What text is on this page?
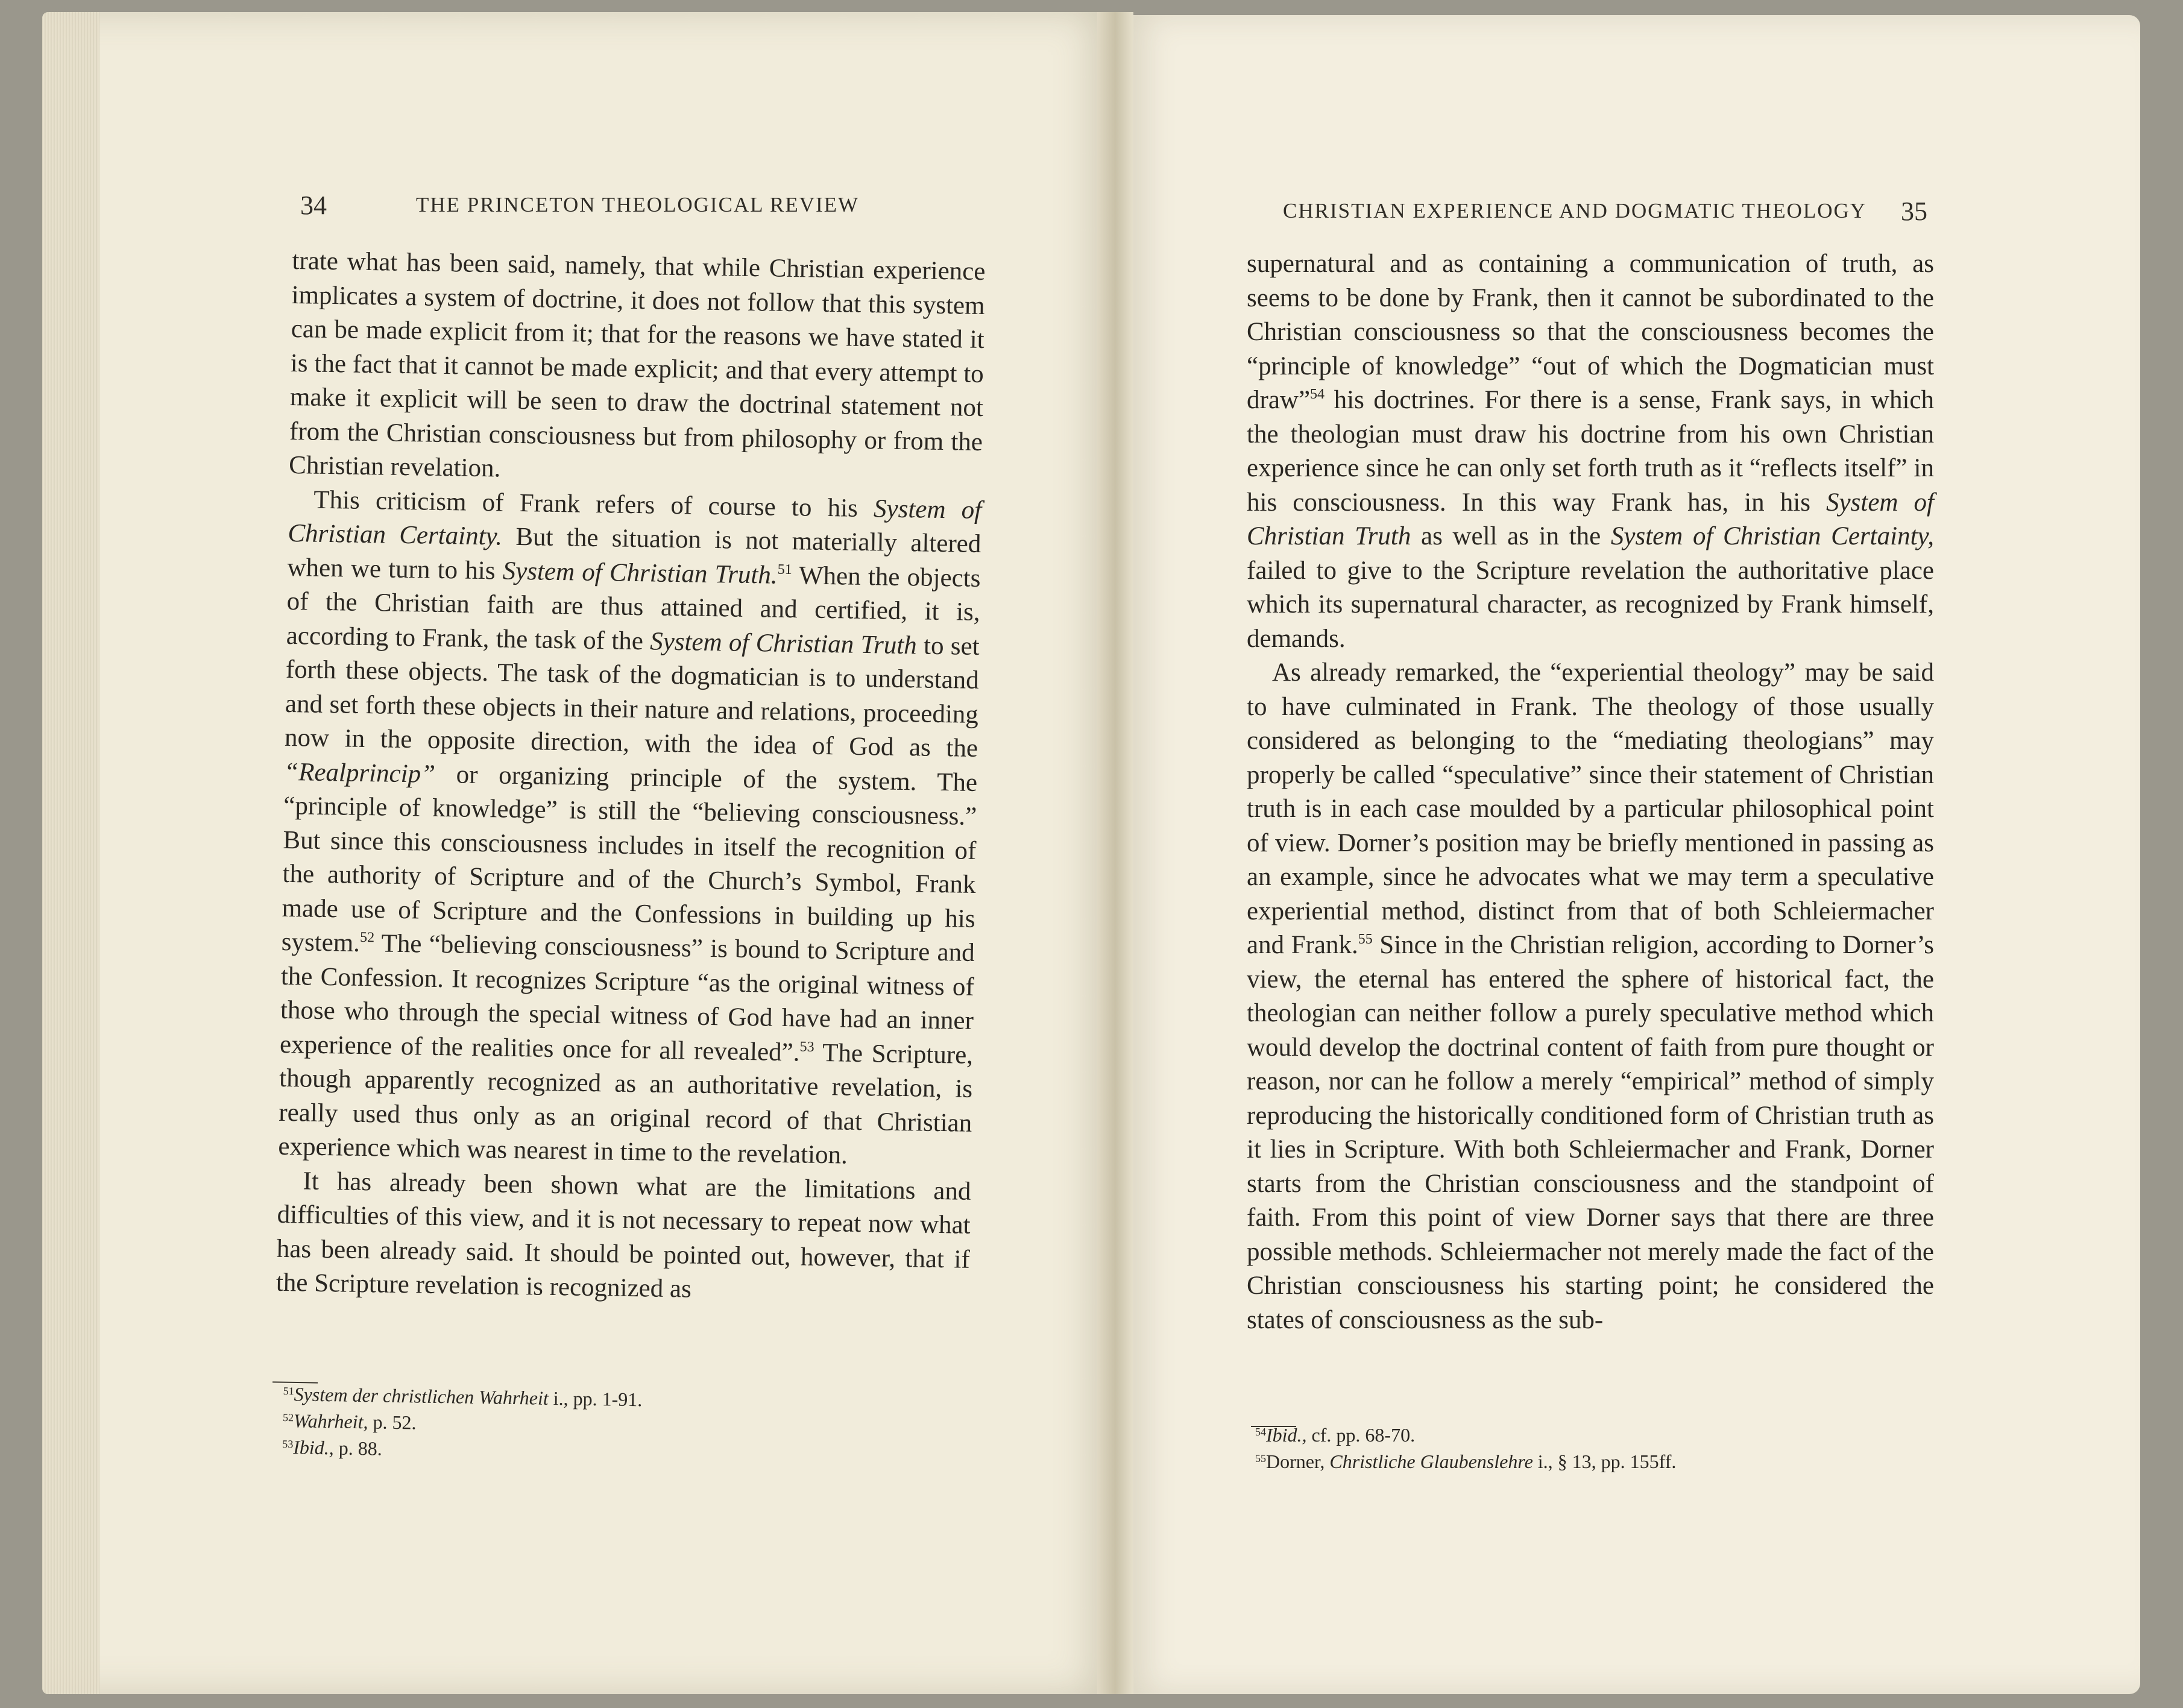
34	THE PRINCETON THEOLOGICAL REVIEW	CHRISTIAN EXPERIENCE AND DOGMATIC THEOLOGY 35

trate what has been said, namely, that while Christian experience implicates a system of doctrine, it does not follow that this system can be made explicit from it; that for the reasons we have stated it is the fact that it cannot be made explicit; and that every attempt to make it explicit will be seen to draw the doctrinal statement not from the Christian consciousness but from philosophy or from the Christian revelation.

This criticism of Frank refers of course to his System of Christian Certainty. But the situation is not materially altered when we turn to his System of Christian Truth.$^{51}$ When the objects of the Christian faith are thus attained and certified, it is, according to Frank, the task of the System of Christian Truth to set forth these objects. The task of the dogmatician is to understand and set forth these objects in their nature and relations, proceeding now in the opposite direction, with the idea of God as the “Realprincip” or organizing principle of the system. The “principle of knowledge” is still the “believing consciousness.” But since this consciousness includes in itself the recognition of the authority of Scripture and of the Church’s Symbol, Frank made use of Scripture and the Confessions in building up his system.$^{52}$ The “believing consciousness” is bound to Scripture and the Confession. It recognizes Scripture “as the original witness of those who through the special witness of God have had an inner experience of the realities once for all revealed”.$^{53}$ The Scripture, though apparently recognized as an authoritative revelation, is really used thus only as an original record of that Christian experience which was nearest in time to the revelation.

It has already been shown what are the limitations and difficulties of this view, and it is not necessary to repeat now what has been already said. It should be pointed out, however, that if the Scripture revelation is recognized as

$^{51}$System der christlichen Wahrheit i., pp. 1-91.
$^{52}$Wahrheit, p. 52.
$^{53}$Ibid., p. 88.

supernatural and as containing a communication of truth, as seems to be done by Frank, then it cannot be subordinated to the Christian consciousness so that the consciousness becomes the “principle of knowledge” “out of which the Dogmatician must draw”$^{54}$ his doctrines. For there is a sense, Frank says, in which the theologian must draw his doctrine from his own Christian experience since he can only set forth truth as it “reflects itself” in his consciousness. In this way Frank has, in his System of Christian Truth as well as in the System of Christian Certainty, failed to give to the Scripture revelation the authoritative place which its supernatural character, as recognized by Frank himself, demands.

As already remarked, the “experiential theology” may be said to have culminated in Frank. The theology of those usually considered as belonging to the “mediating theologians” may properly be called “speculative” since their statement of Christian truth is in each case moulded by a particular philosophical point of view. Dorner’s position may be briefly mentioned in passing as an example, since he advocates what we may term a speculative experiential method, distinct from that of both Schleiermacher and Frank.$^{55}$ Since in the Christian religion, according to Dorner’s view, the eternal has entered the sphere of historical fact, the theologian can neither follow a purely speculative method which would develop the doctrinal content of faith from pure thought or reason, nor can he follow a merely “empirical” method of simply reproducing the historically conditioned form of Christian truth as it lies in Scripture. With both Schleiermacher and Frank, Dorner starts from the Christian consciousness and the standpoint of faith. From this point of view Dorner says that there are three possible methods. Schleiermacher not merely made the fact of the Christian consciousness his starting point; he considered the states of consciousness as the sub-

$^{54}$Ibid., cf. pp. 68-70.
$^{55}$Dorner, Christliche Glaubenslehre i., § 13, pp. 155ff.
